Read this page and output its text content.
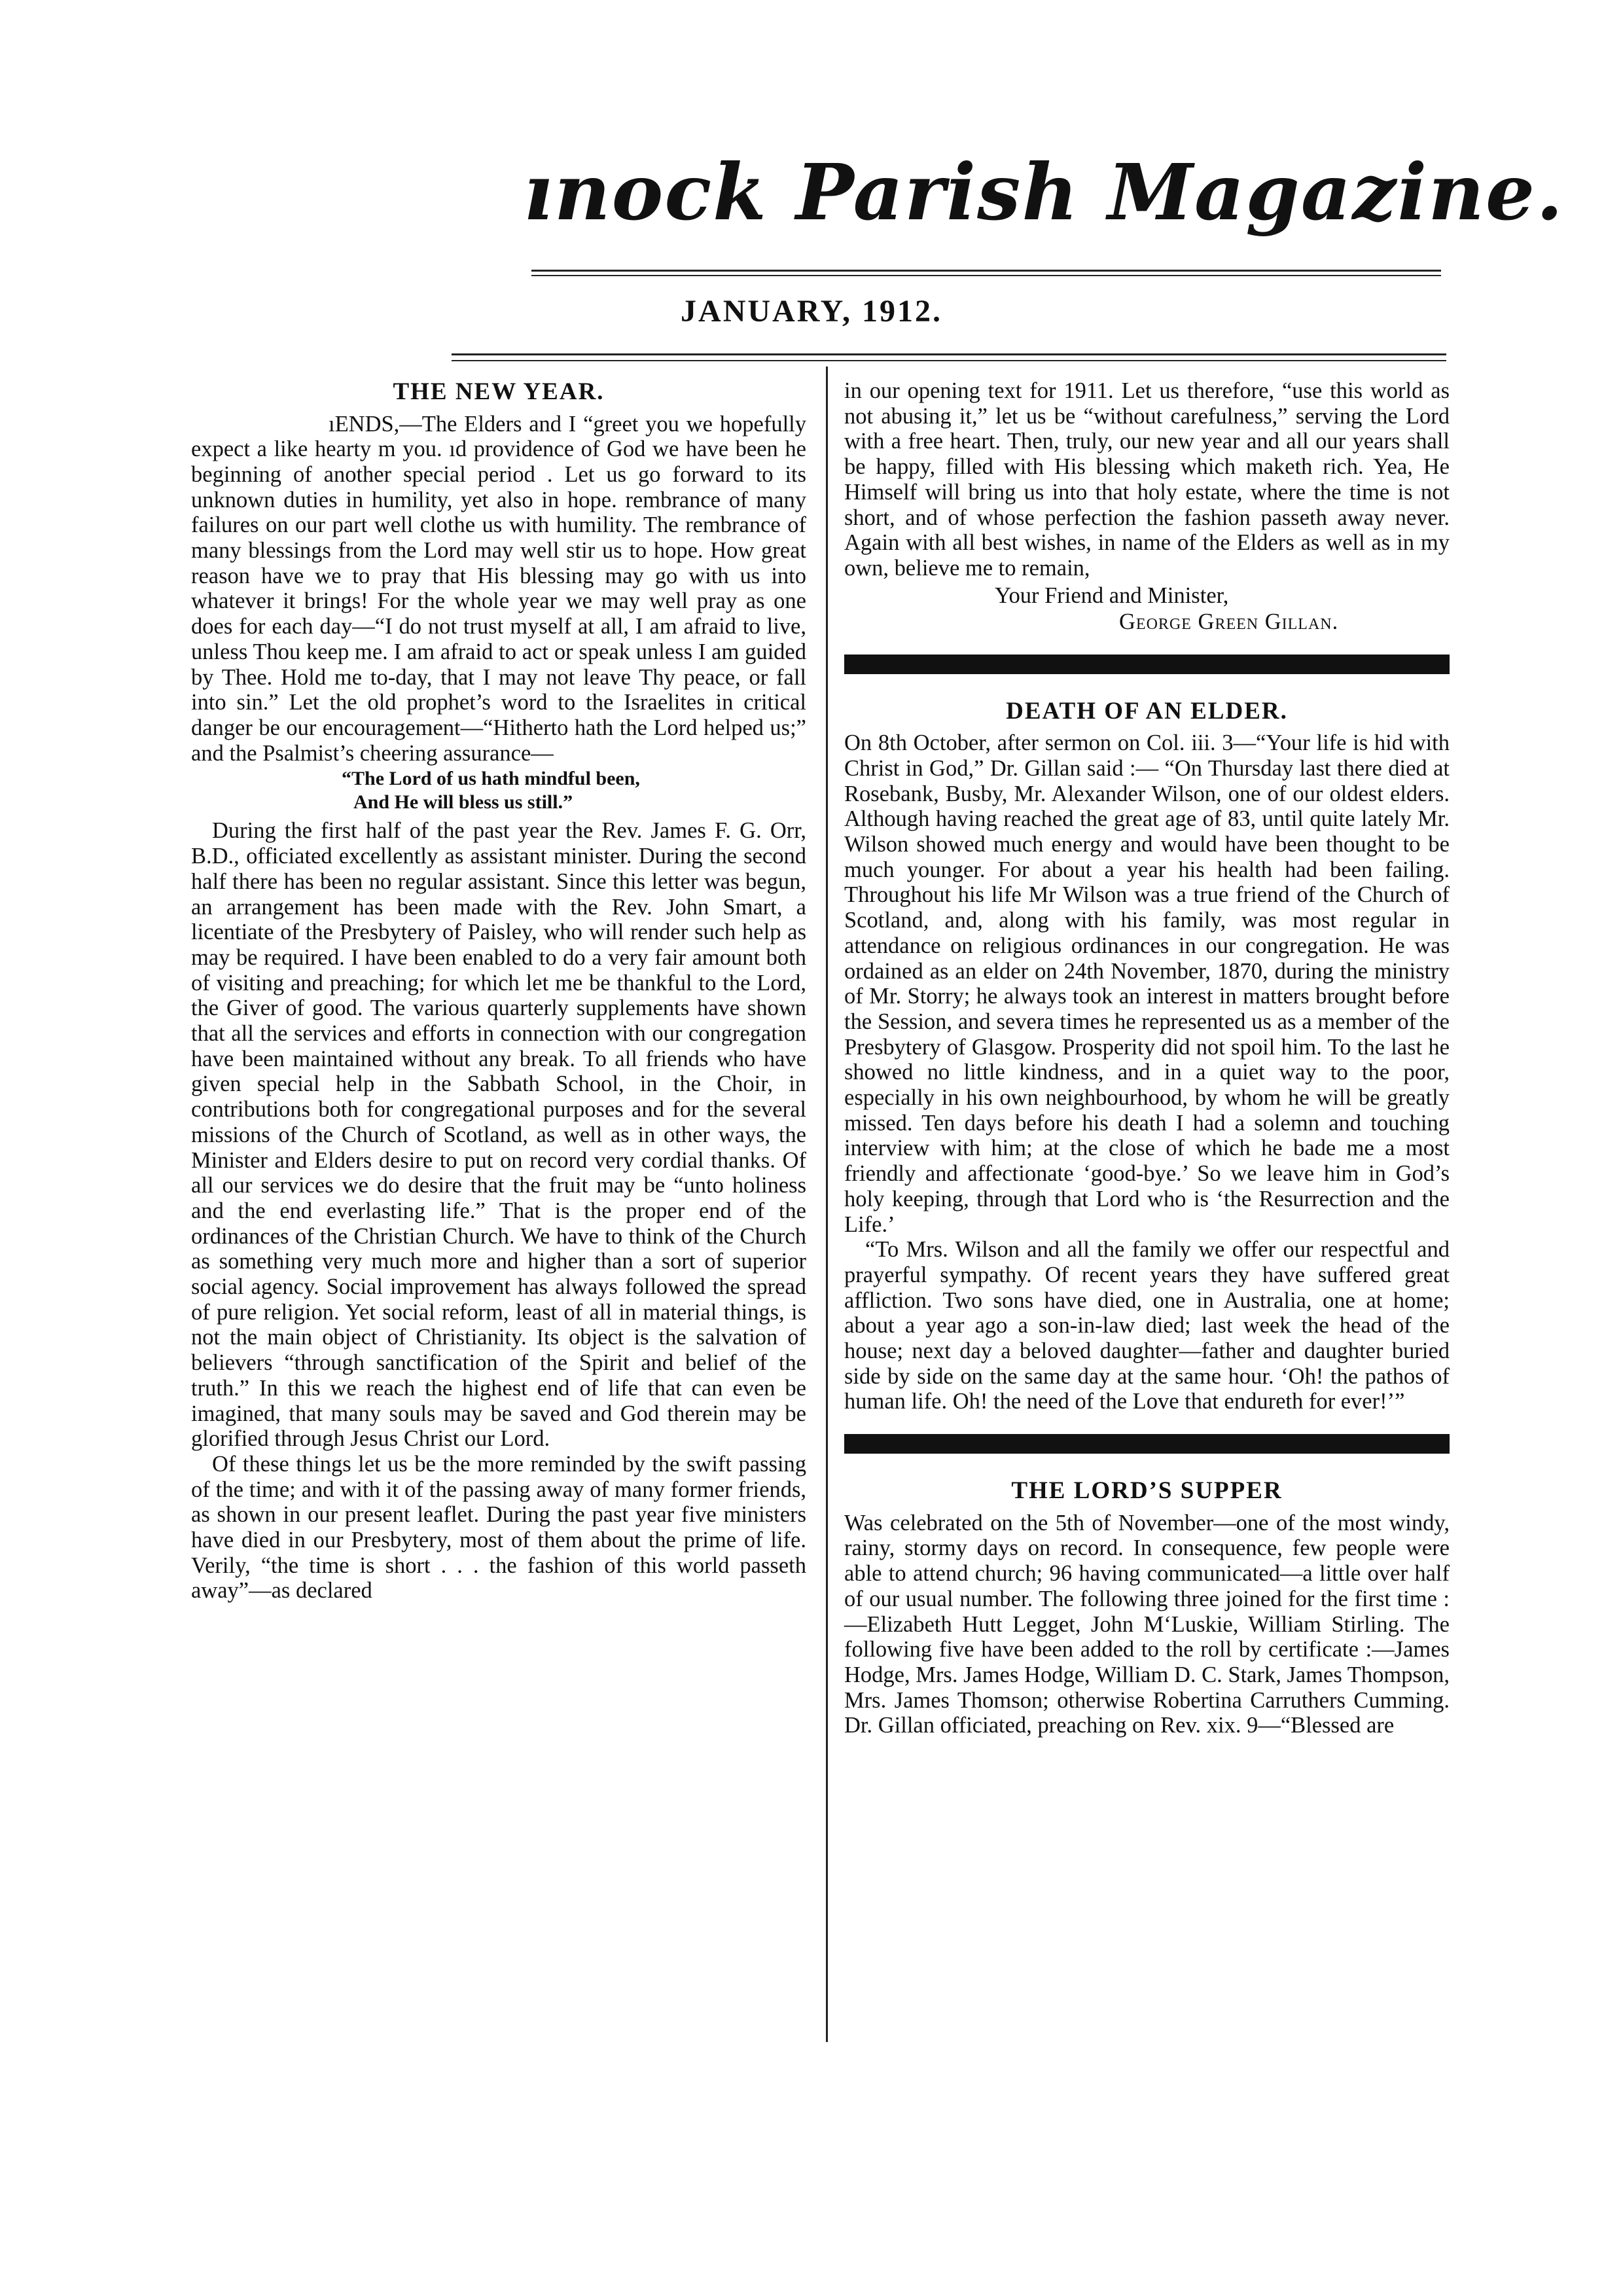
ınock Parish Magazine.
JANUARY, 1912.
THE NEW YEAR.

ıENDS,—The Elders and I “greet you we hopefully expect a like hearty m you. ıd providence of God we have been he beginning of another special period . Let us go forward to its unknown duties in humility, yet also in hope. rembrance of many failures on our part well clothe us with humility. The rembrance of many blessings from the Lord may well stir us to hope. How great reason have we to pray that His blessing may go with us into whatever it brings! For the whole year we may well pray as one does for each day—“I do not trust myself at all, I am afraid to live, unless Thou keep me. I am afraid to act or speak unless I am guided by Thee. Hold me to-day, that I may not leave Thy peace, or fall into sin.” Let the old prophet’s word to the Israelites in critical danger be our encouragement—“Hitherto hath the Lord helped us;” and the Psalmist’s cheering assurance—

“The Lord of us hath mindful been,
And He will bless us still.”

During the first half of the past year the Rev. James F. G. Orr, B.D., officiated excellently as assistant minister. During the second half there has been no regular assistant. Since this letter was begun, an arrangement has been made with the Rev. John Smart, a licentiate of the Presbytery of Paisley, who will render such help as may be required. I have been enabled to do a very fair amount both of visiting and preaching; for which let me be thankful to the Lord, the Giver of good. The various quarterly supplements have shown that all the services and efforts in connection with our congregation have been maintained without any break. To all friends who have given special help in the Sabbath School, in the Choir, in contributions both for congregational purposes and for the several missions of the Church of Scotland, as well as in other ways, the Minister and Elders desire to put on record very cordial thanks. Of all our services we do desire that the fruit may be “unto holiness and the end everlasting life.” That is the proper end of the ordinances of the Christian Church. We have to think of the Church as something very much more and higher than a sort of superior social agency. Social improvement has always followed the spread of pure religion. Yet social reform, least of all in material things, is not the main object of Christianity. Its object is the salvation of believers “through sanctification of the Spirit and belief of the truth.” In this we reach the highest end of life that can even be imagined, that many souls may be saved and God therein may be glorified through Jesus Christ our Lord.

Of these things let us be the more reminded by the swift passing of the time; and with it of the passing away of many former friends, as shown in our present leaflet. During the past year five ministers have died in our Presbytery, most of them about the prime of life. Verily, “the time is short . . . the fashion of this world passeth away”—as declared

in our opening text for 1911. Let us therefore, “use this world as not abusing it,” let us be “without carefulness,” serving the Lord with a free heart. Then, truly, our new year and all our years shall be happy, filled with His blessing which maketh rich. Yea, He Himself will bring us into that holy estate, where the time is not short, and of whose perfection the fashion passeth away never. Again with all best wishes, in name of the Elders as well as in my own, believe me to remain,

Your Friend and Minister,
George Green Gillan.
DEATH OF AN ELDER.

On 8th October, after sermon on Col. iii. 3—“Your life is hid with Christ in God,” Dr. Gillan said :— “On Thursday last there died at Rosebank, Busby, Mr. Alexander Wilson, one of our oldest elders. Although having reached the great age of 83, until quite lately Mr. Wilson showed much energy and would have been thought to be much younger. For about a year his health had been failing. Throughout his life Mr Wilson was a true friend of the Church of Scotland, and, along with his family, was most regular in attendance on religious ordinances in our congregation. He was ordained as an elder on 24th November, 1870, during the ministry of Mr. Storry; he always took an interest in matters brought before the Session, and severa times he represented us as a member of the Presbytery of Glasgow. Prosperity did not spoil him. To the last he showed no little kindness, and in a quiet way to the poor, especially in his own neighbourhood, by whom he will be greatly missed. Ten days before his death I had a solemn and touching interview with him; at the close of which he bade me a most friendly and affectionate ‘good-bye.’ So we leave him in God’s holy keeping, through that Lord who is ‘the Resurrection and the Life.’

“To Mrs. Wilson and all the family we offer our respectful and prayerful sympathy. Of recent years they have suffered great affliction. Two sons have died, one in Australia, one at home; about a year ago a son-in-law died; last week the head of the house; next day a beloved daughter—father and daughter buried side by side on the same day at the same hour. ‘Oh! the pathos of human life. Oh! the need of the Love that endureth for ever!’”

THE LORD’S SUPPER

Was celebrated on the 5th of November—one of the most windy, rainy, stormy days on record. In consequence, few people were able to attend church; 96 having communicated—a little over half of our usual number. The following three joined for the first time :—Elizabeth Hutt Legget, John M‘Luskie, William Stirling. The following five have been added to the roll by certificate :—James Hodge, Mrs. James Hodge, William D. C. Stark, James Thompson, Mrs. James Thomson; otherwise Robertina Carruthers Cumming. Dr. Gillan officiated, preaching on Rev. xix. 9—“Blessed are
